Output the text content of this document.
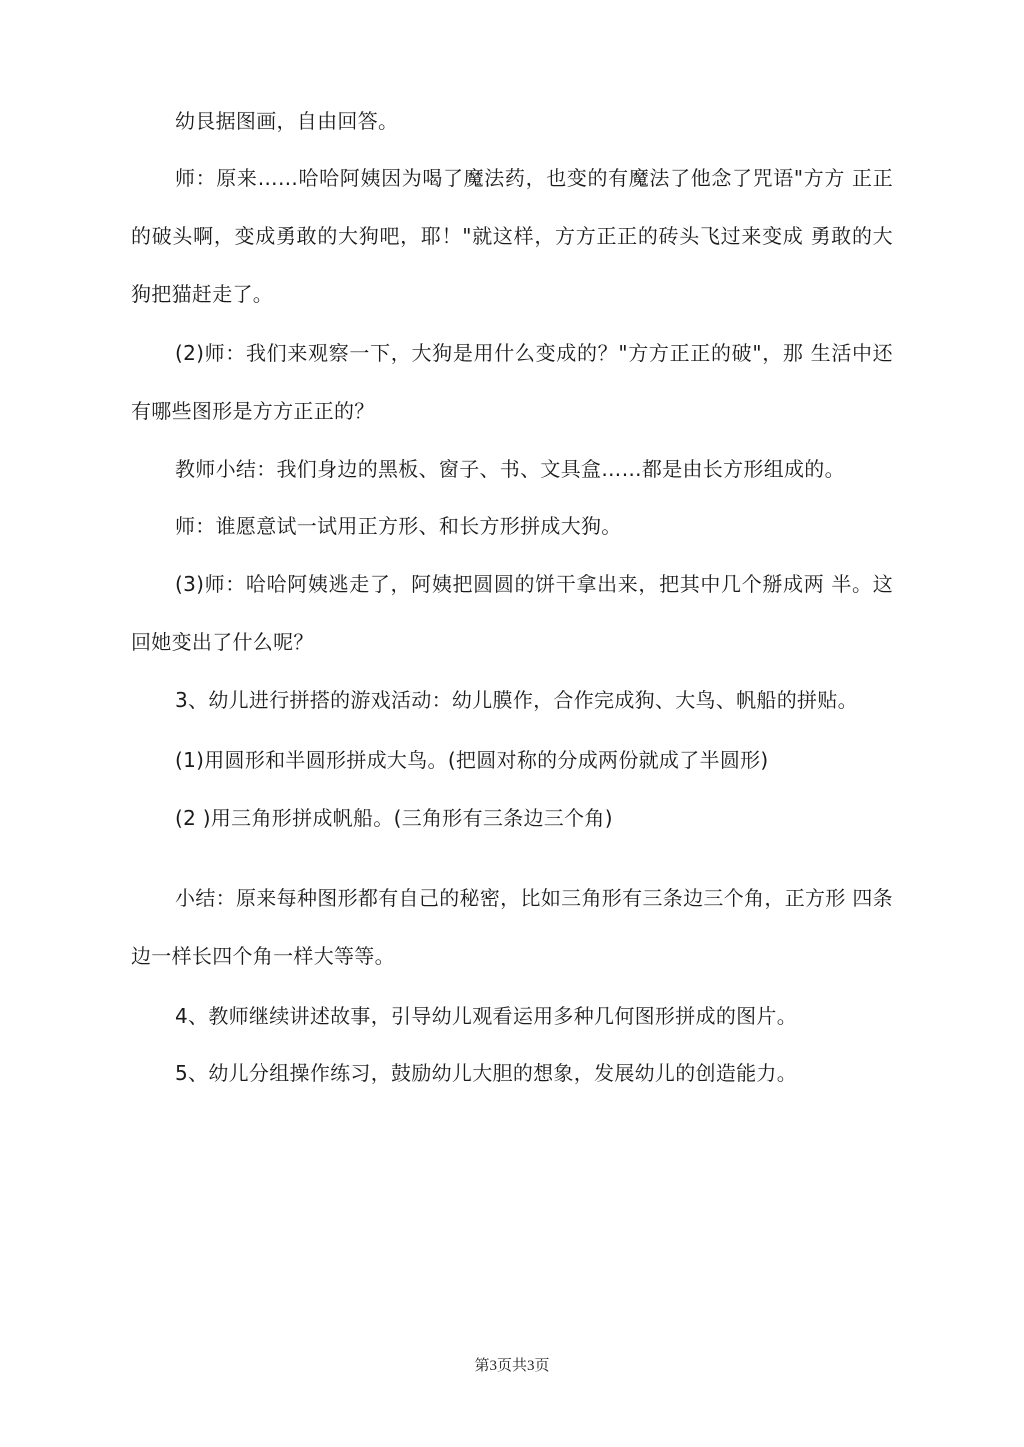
幼艮据图画，自由回答。

师：原来……哈哈阿姨因为喝了魔法药，也变的有魔法了他念了咒语"方方 正正的破头啊，变成勇敢的大狗吧，耶！"就这样，方方正正的砖头飞过来变成 勇敢的大狗把猫赶走了。

(2)师：我们来观察一下，大狗是用什么变成的？"方方正正的破"，那 生活中还有哪些图形是方方正正的？

教师小结：我们身边的黑板、窗子、书、文具盒……都是由长方形组成的。

师：谁愿意试一试用正方形、和长方形拼成大狗。

(3)师：哈哈阿姨逃走了，阿姨把圆圆的饼干拿出来，把其中几个掰成两 半。这回她变出了什么呢？

3、幼儿进行拼搭的游戏活动：幼儿膜作，合作完成狗、大鸟、帆船的拼贴。

(1)用圆形和半圆形拼成大鸟。(把圆对称的分成两份就成了半圆形)

(2 )用三角形拼成帆船。(三角形有三条边三个角)

小结：原来每种图形都有自己的秘密，比如三角形有三条边三个角，正方形 四条边一样长四个角一样大等等。

4、教师继续讲述故事，引导幼儿观看运用多种几何图形拼成的图片。

5、幼儿分组操作练习，鼓励幼儿大胆的想象，发展幼儿的创造能力。

第3页共3页
